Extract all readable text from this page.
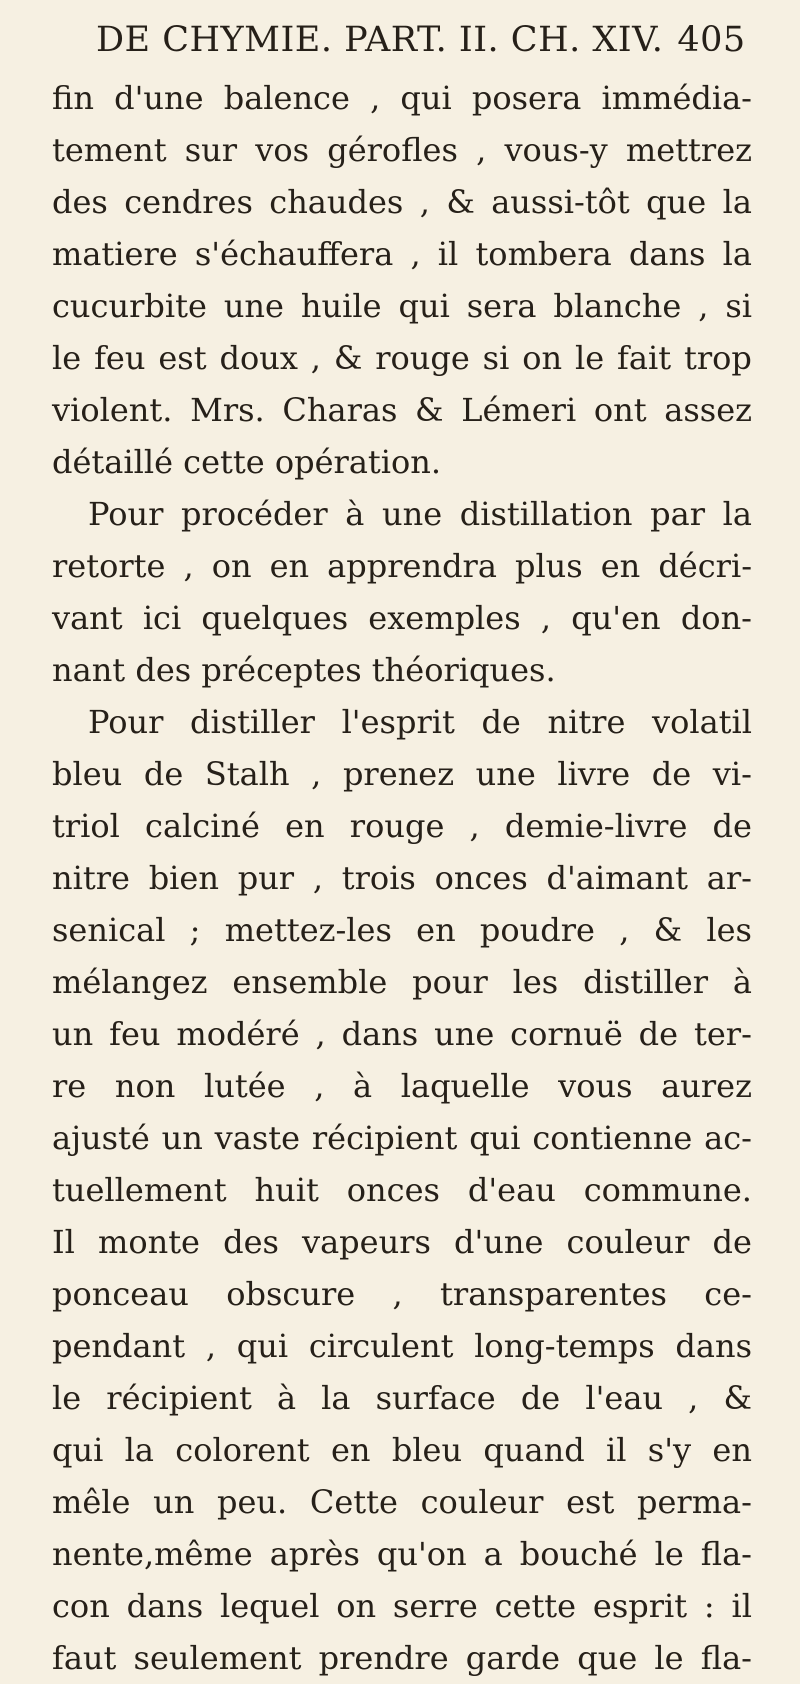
DE CHYMIE. PART. II. CH. XIV. 405
fin d'une balence , qui posera immédia-
tement sur vos gérofles , vous-y mettrez
des cendres chaudes , & aussi-tôt que la
matiere s'échauffera , il tombera dans la
cucurbite une huile qui sera blanche , si
le feu est doux , & rouge si on le fait trop
violent. Mrs. Charas & Lémeri ont assez
détaillé cette opération.
Pour procéder à une distillation par la
retorte , on en apprendra plus en décri-
vant ici quelques exemples , qu'en don-
nant des préceptes théoriques.
Pour distiller l'esprit de nitre volatil
bleu de Stalh , prenez une livre de vi-
triol calciné en rouge , demie-livre de
nitre bien pur , trois onces d'aimant ar-
senical ; mettez-les en poudre , & les
mélangez ensemble pour les distiller à
un feu modéré , dans une cornuë de ter-
re non lutée , à laquelle vous aurez
ajusté un vaste récipient qui contienne ac-
tuellement huit onces d'eau commune.
Il monte des vapeurs d'une couleur de
ponceau obscure , transparentes ce-
pendant , qui circulent long-temps dans
le récipient à la surface de l'eau , &
qui la colorent en bleu quand il s'y en
mêle un peu. Cette couleur est perma-
nente,même après qu'on a bouché le fla-
con dans lequel on serre cette esprit : il
faut seulement prendre garde que le fla-
